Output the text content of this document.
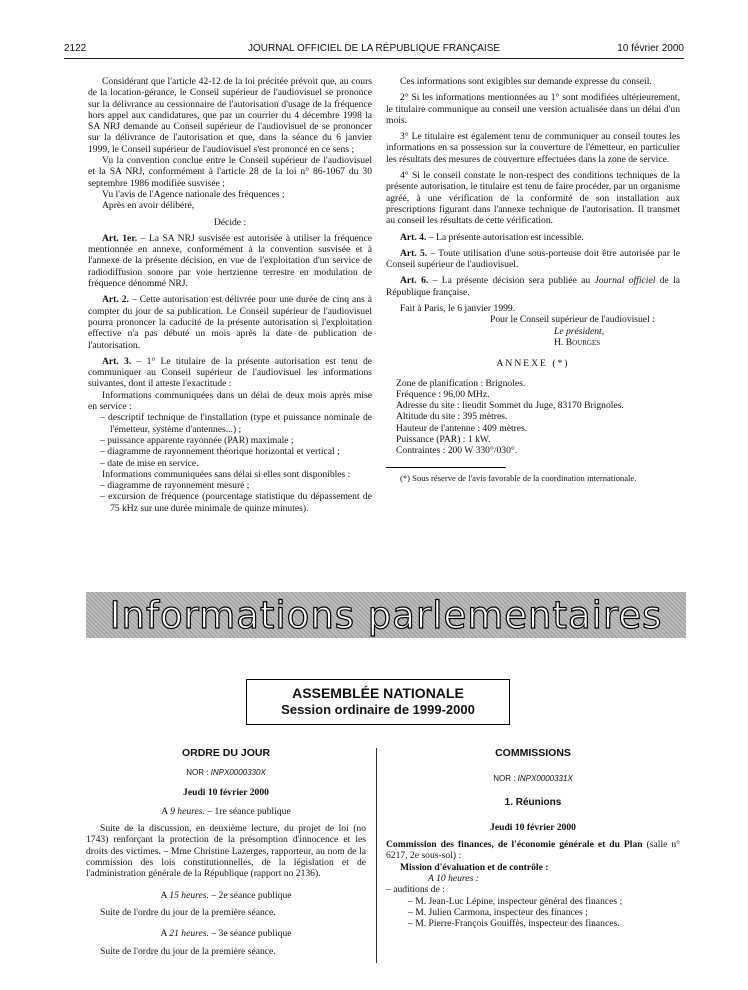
2122	JOURNAL OFFICIEL DE LA RÉPUBLIQUE FRANÇAISE	10 février 2000

Considérant que l'article 42-12 de la loi précitée prévoit que, au cours de la location-gérance, le Conseil supérieur de l'audiovisuel se prononce sur la délivrance au cessionnaire de l'autorisation d'usage de la fréquence hors appel aux candidatures, que par un courrier du 4 décembre 1998 la SA NRJ demande au Conseil supérieur de l'audiovisuel de se prononcer sur la délivrance de l'autorisation et que, dans la séance du 6 janvier 1999, le Conseil supérieur de l'audiovisuel s'est prononcé en ce sens ;

Vu la convention conclue entre le Conseil supérieur de l'audiovisuel et la SA NRJ, conformément à l'article 28 de la loi n° 86-1067 du 30 septembre 1986 modifiée susvisée ;

Vu l'avis de l'Agence nationale des fréquences ;

Après en avoir délibéré,

Décide :

Art. 1er. – La SA NRJ susvisée est autorisée à utiliser la fréquence mentionnée en annexe, conformément à la convention susvisée et à l'annexe de la présente décision, en vue de l'exploitation d'un service de radiodiffusion sonore par voie hertzienne terrestre en modulation de fréquence dénommé NRJ.

Art. 2. – Cette autorisation est délivrée pour une durée de cinq ans à compter du jour de sa publication. Le Conseil supérieur de l'audiovisuel pourra prononcer la caducité de la présente autorisation si l'exploitation effective n'a pas débuté un mois après la date de publication de l'autorisation.

Art. 3. – 1° Le titulaire de la présente autorisation est tenu de communiquer au Conseil supérieur de l'audiovisuel les informations suivantes, dont il atteste l'exactitude :

Informations communiquées dans un délai de deux mois après mise en service :

– descriptif technique de l'installation (type et puissance nominale de l'émetteur, système d'antennes...) ;
– puissance apparente rayonnée (PAR) maximale ;
– diagramme de rayonnement théorique horizontal et vertical ;
– date de mise en service.

Informations communiquées sans délai si elles sont disponibles :

– diagramme de rayonnement mesuré ;
– excursion de fréquence (pourcentage statistique du dépassement de 75 kHz sur une durée minimale de quinze minutes).

Ces informations sont exigibles sur demande expresse du conseil.

2° Si les informations mentionnées au 1° sont modifiées ultérieurement, le titulaire communique au conseil une version actualisée dans un délai d'un mois.

3° Le titulaire est également tenu de communiquer au conseil toutes les informations en sa possession sur la couverture de l'émetteur, en particulier les résultats des mesures de couverture effectuées dans la zone de service.

4° Si le conseil constate le non-respect des conditions techniques de la présente autorisation, le titulaire est tenu de faire procéder, par un organisme agréé, à une vérification de la conformité de son installation aux prescriptions figurant dans l'annexe technique de l'autorisation. Il transmet au conseil les résultats de cette vérification.

Art. 4. – La présente autorisation est incessible.

Art. 5. – Toute utilisation d'une sous-porteuse doit être autorisée par le Conseil supérieur de l'audiovisuel.

Art. 6. – La présente décision sera publiée au Journal officiel de la République française.

Fait à Paris, le 6 janvier 1999.

Pour le Conseil supérieur de l'audiovisuel :
Le président,
H. Bourges

ANNEXE (*)

Zone de planification : Brignoles.
Fréquence : 96,00 MHz.
Adresse du site : lieudit Sommet du Juge, 83170 Brignoles.
Altitude du site : 395 mètres.
Hauteur de l'antenne : 409 mètres.
Puissance (PAR) : 1 kW.
Contraintes : 200 W 330°/030°.

(*) Sous réserve de l'avis favorable de la coordination internationale.

Informations parlementaires
ASSEMBLÉE NATIONALE
Session ordinaire de 1999-2000
ORDRE DU JOUR
NOR : INPX0000330X
Jeudi 10 février 2000

A 9 heures. – 1re séance publique

Suite de la discussion, en deuxième lecture, du projet de loi (no 1743) renforçant la protection de la présomption d'innocence et les droits des victimes. – Mme Christine Lazerges, rapporteur, au nom de la commission des lois constitutionnelles, de la législation et de l'administration générale de la République (rapport no 2136).

A 15 heures. – 2e séance publique

Suite de l'ordre du jour de la première séance.

A 21 heures. – 3e séance publique

Suite de l'ordre du jour de la première séance.

COMMISSIONS
NOR : INPX0000331X
1. Réunions
Jeudi 10 février 2000

Commission des finances, de l'économie générale et du Plan (salle n° 6217, 2e sous-sol) :

Mission d'évaluation et de contrôle :

A 10 heures :

– auditions de :

– M. Jean-Luc Lépine, inspecteur général des finances ;
– M. Julien Carmona, inspecteur des finances ;
– M. Pierre-François Gouiffès, inspecteur des finances.
